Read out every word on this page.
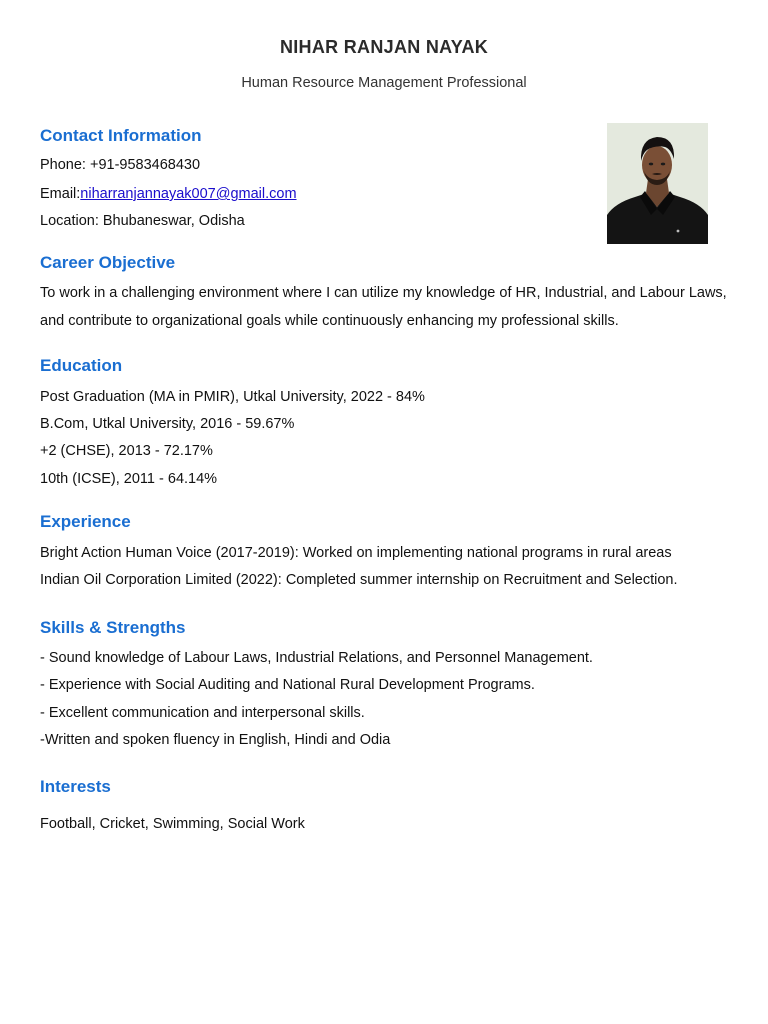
NIHAR RANJAN NAYAK
Human Resource Management Professional
Contact Information
Phone: +91-9583468430
Email:niharranjannayak007@gmail.com
Location: Bhubaneswar, Odisha
Career Objective
To work in a challenging environment where I can utilize my knowledge of HR, Industrial, and Labour Laws, and contribute to organizational goals while continuously enhancing my professional skills.
Education
Post Graduation (MA in PMIR), Utkal University, 2022 - 84%
B.Com, Utkal University, 2016 - 59.67%
+2 (CHSE), 2013 - 72.17%
10th (ICSE), 2011 - 64.14%
Experience
Bright Action Human Voice (2017-2019): Worked on implementing national programs in rural areas
Indian Oil Corporation Limited (2022): Completed summer internship on Recruitment and Selection.
Skills & Strengths
- Sound knowledge of Labour Laws, Industrial Relations, and Personnel Management.
- Experience with Social Auditing and National Rural Development Programs.
- Excellent communication and interpersonal skills.
-Written and spoken fluency in English, Hindi and Odia
Interests
Football, Cricket, Swimming, Social Work
